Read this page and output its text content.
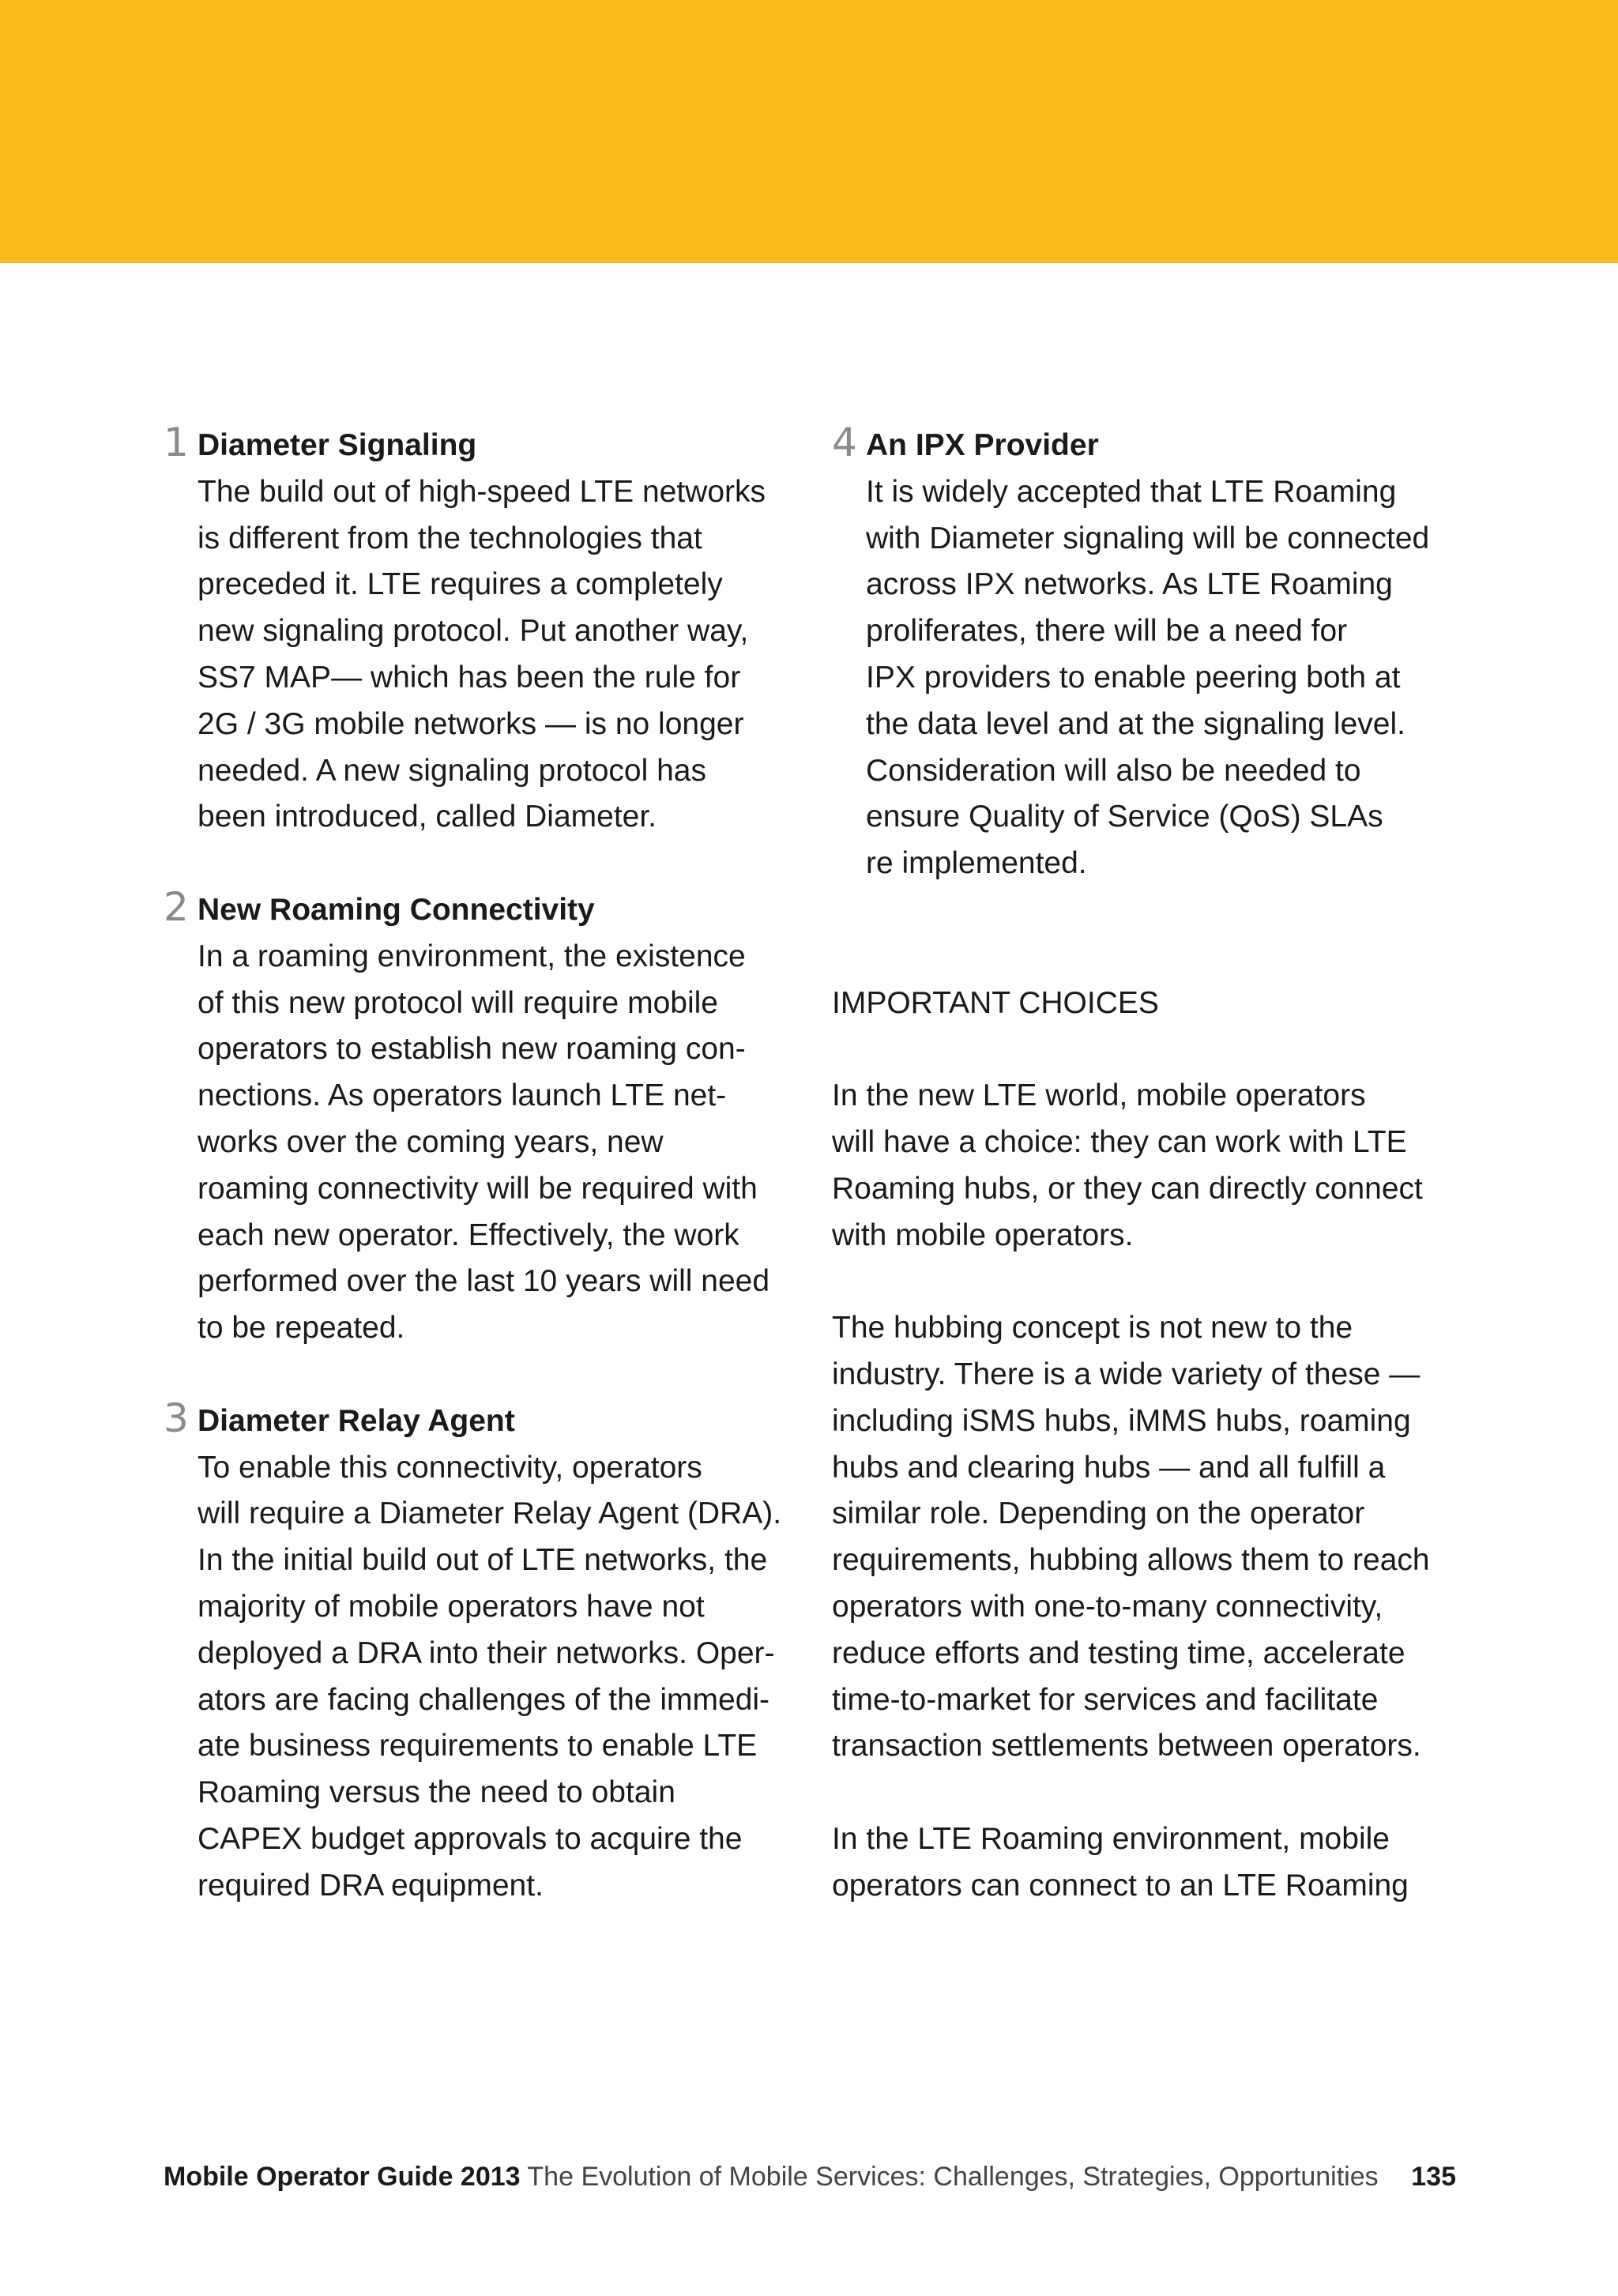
1 Diameter Signaling
The build out of high-speed LTE networks
is different from the technologies that
preceded it. LTE requires a completely
new signaling protocol. Put another way,
SS7 MAP— which has been the rule for
2G / 3G mobile networks — is no longer
needed. A new signaling protocol has
been introduced, called Diameter.
2 New Roaming Connectivity
In a roaming environment, the existence
of this new protocol will require mobile
operators to establish new roaming con-
nections. As operators launch LTE net-
works over the coming years, new
roaming connectivity will be required with
each new operator. Effectively, the work
performed over the last 10 years will need
to be repeated.
3 Diameter Relay Agent
To enable this connectivity, operators
will require a Diameter Relay Agent (DRA).
In the initial build out of LTE networks, the
majority of mobile operators have not
deployed a DRA into their networks. Oper-
ators are facing challenges of the immedi-
ate business requirements to enable LTE
Roaming versus the need to obtain
CAPEX budget approvals to acquire the
required DRA equipment.
4 An IPX Provider
It is widely accepted that LTE Roaming
with Diameter signaling will be connected
across IPX networks. As LTE Roaming
proliferates, there will be a need for
IPX providers to enable peering both at
the data level and at the signaling level.
Consideration will also be needed to
ensure Quality of Service (QoS) SLAs
re implemented.
IMPORTANT CHOICES
In the new LTE world, mobile operators
will have a choice: they can work with LTE
Roaming hubs, or they can directly connect
with mobile operators.
The hubbing concept is not new to the
industry. There is a wide variety of these —
including iSMS hubs, iMMS hubs, roaming
hubs and clearing hubs — and all fulfill a
similar role. Depending on the operator
requirements, hubbing allows them to reach
operators with one-to-many connectivity,
reduce efforts and testing time, accelerate
time-to-market for services and facilitate
transaction settlements between operators.
In the LTE Roaming environment, mobile
operators can connect to an LTE Roaming
Mobile Operator Guide 2013 The Evolution of Mobile Services: Challenges, Strategies, Opportunities 135
